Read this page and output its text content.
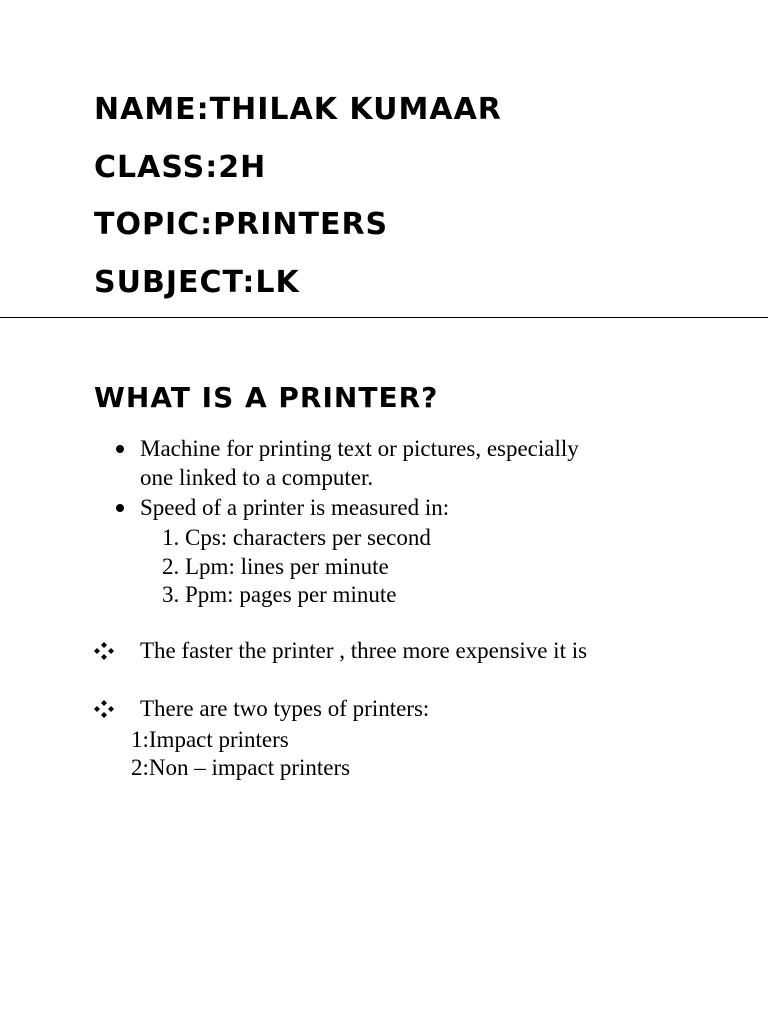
NAME:THILAK KUMAAR
CLASS:2H
TOPIC:PRINTERS
SUBJECT:LK
WHAT IS A PRINTER?
Machine for printing text or pictures, especially
one linked to a computer.
Speed of a printer is measured in:
1. Cps: characters per second
2. Lpm: lines per minute
3. Ppm: pages per minute
The faster the printer , three more expensive it is
There are two types of printers:
1:Impact printers
2:Non – impact printers
